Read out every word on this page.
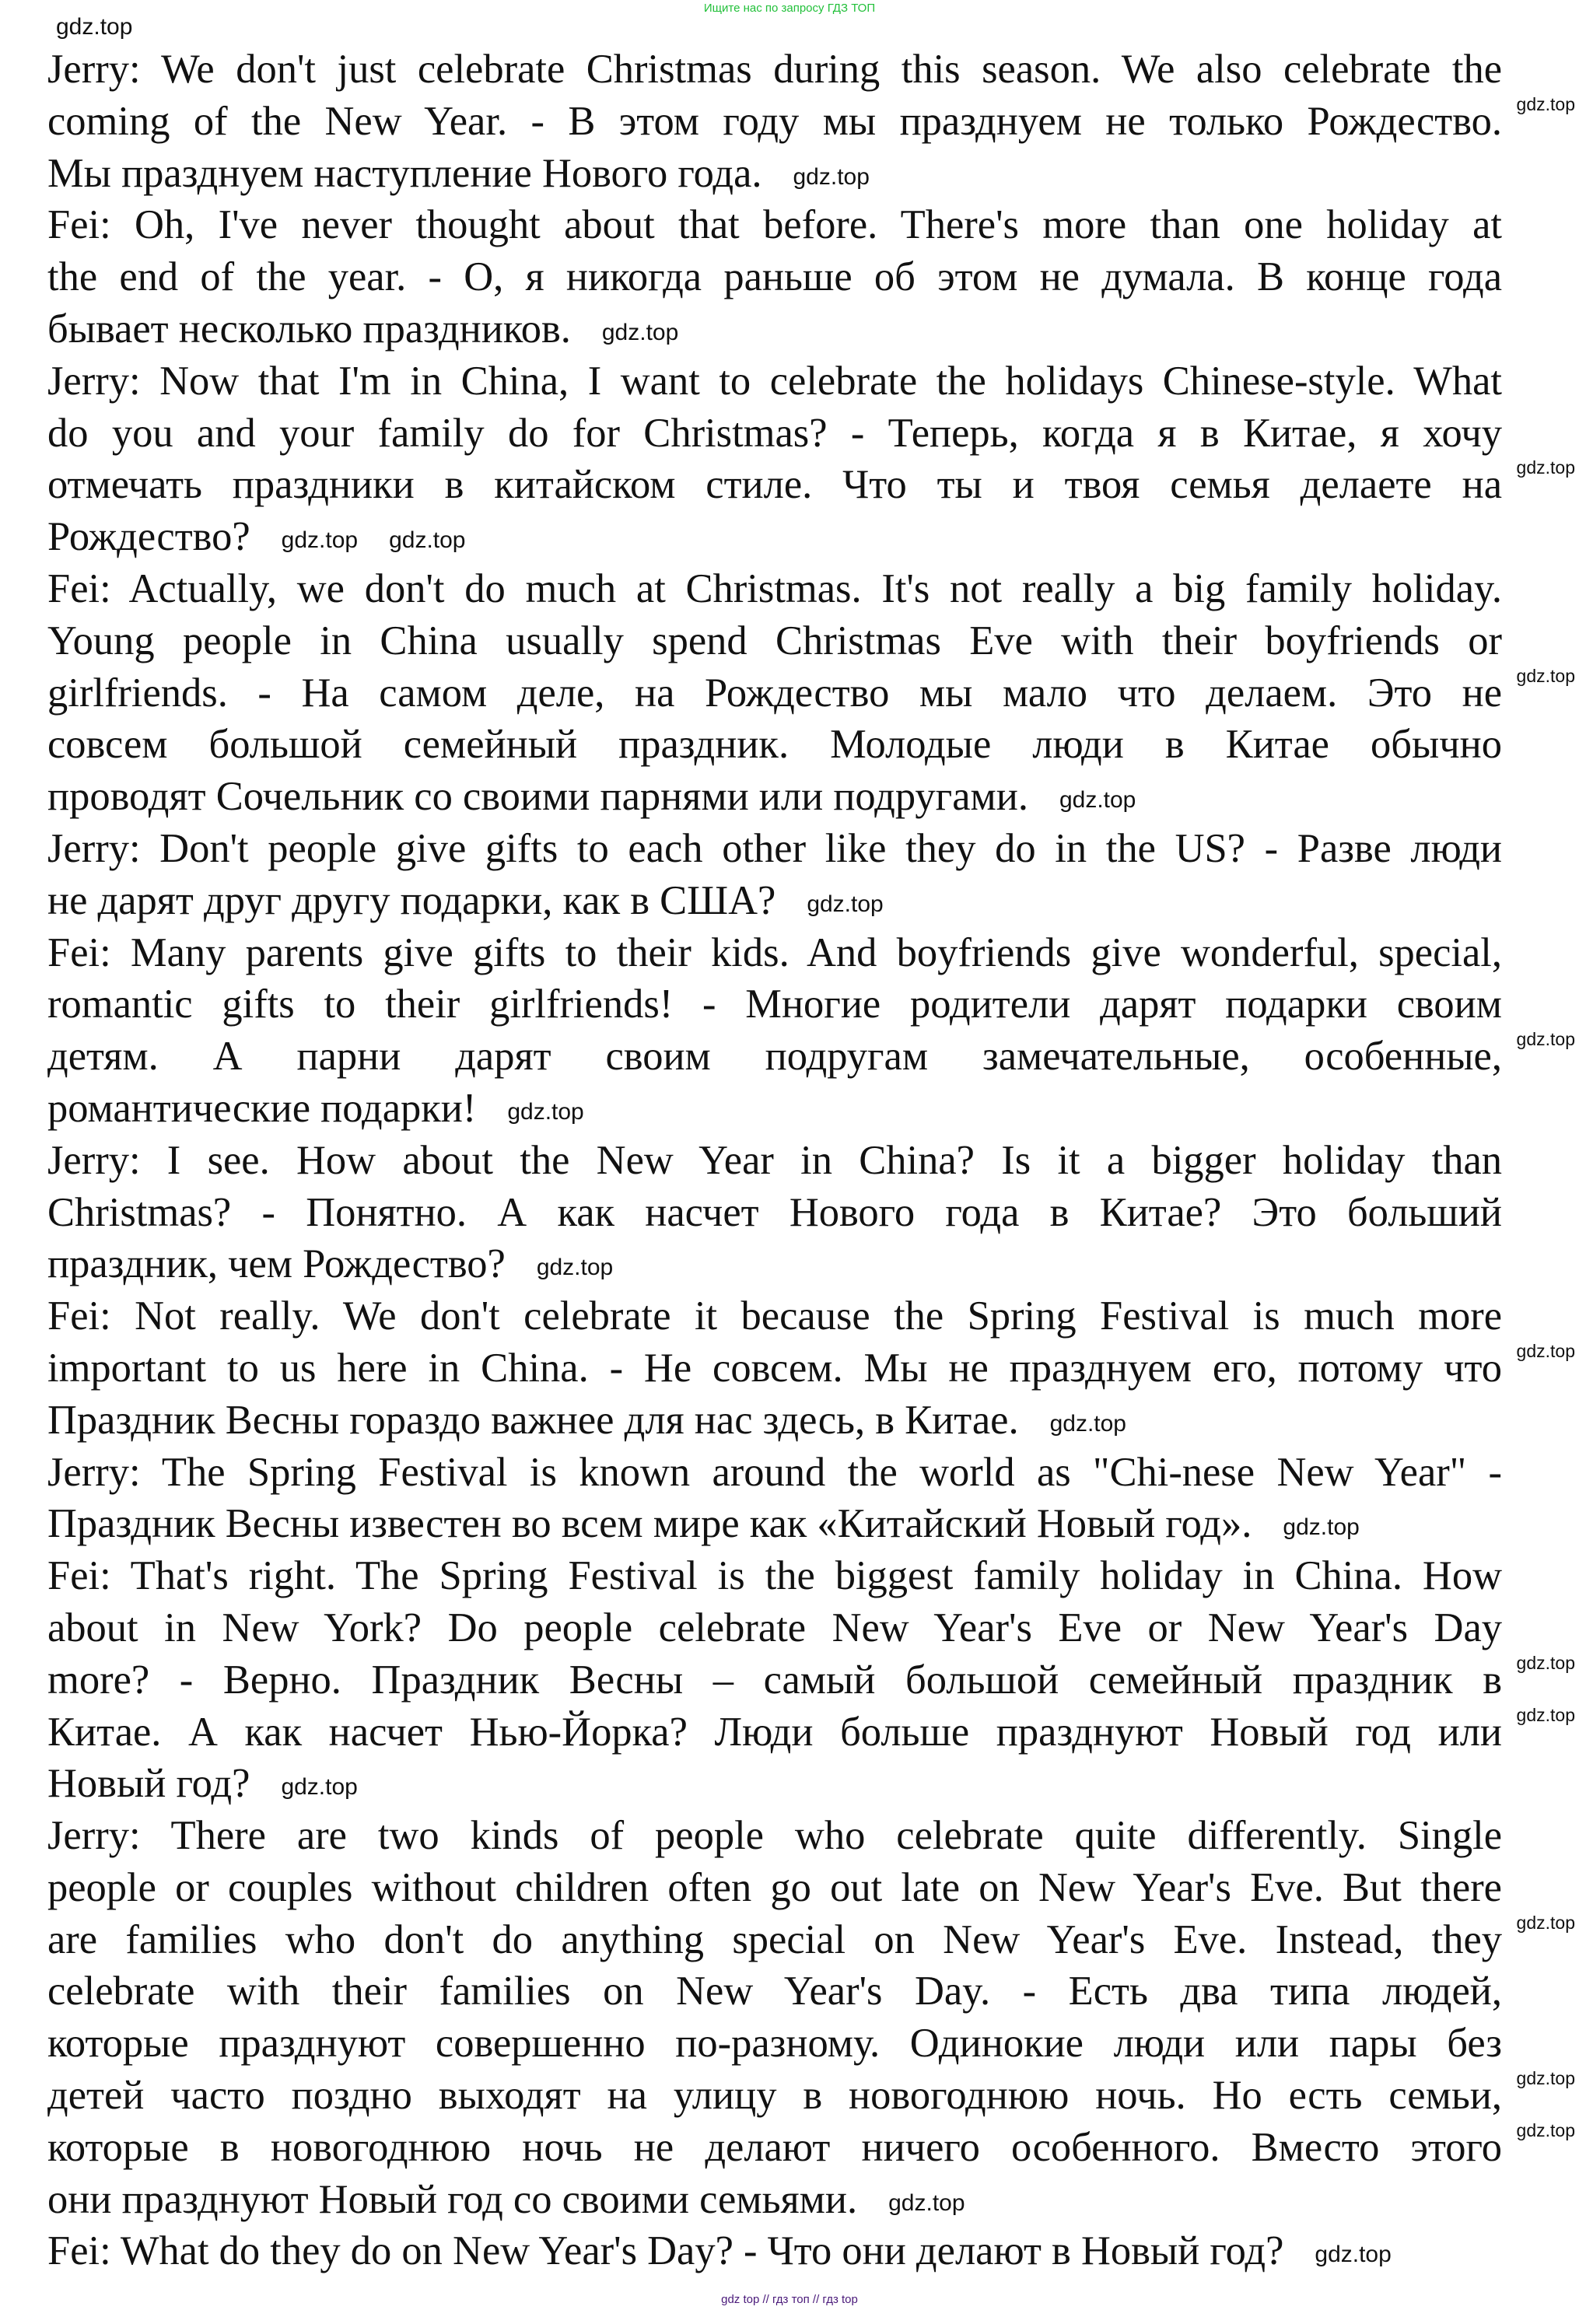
Ищите нас по запросу ГДЗ ТОП
gdz.top
Jerry: We don't just celebrate Christmas during this season. We also celebrate the
coming of the New Year. - В этом году мы празднуем не только Рождество. gdz.top
Мы празднуем наступление Нового года. gdz.top
Fei: Oh, I've never thought about that before. There's more than one holiday at
the end of the year. - О, я никогда раньше об этом не думала. В конце года
бывает несколько праздников. gdz.top
Jerry: Now that I'm in China, I want to celebrate the holidays Chinese-style. What
do you and your family do for Christmas? - Теперь, когда я в Китае, я хочу
отмечать праздники в китайском стиле. Что ты и твоя семья делаете на gdz.top
Рождество? gdz.top gdz.top
Fei: Actually, we don't do much at Christmas. It's not really a big family holiday.
Young people in China usually spend Christmas Eve with their boyfriends or
girlfriends. - На самом деле, на Рождество мы мало что делаем. Это не gdz.top
совсем большой семейный праздник. Молодые люди в Китае обычно
проводят Сочельник со своими парнями или подругами. gdz.top
Jerry: Don't people give gifts to each other like they do in the US? - Разве люди
не дарят друг другу подарки, как в США? gdz.top
Fei: Many parents give gifts to their kids. And boyfriends give wonderful, special,
romantic gifts to their girlfriends! - Многие родители дарят подарки своим
детям. А парни дарят своим подругам замечательные, особенные, gdz.top
романтические подарки! gdz.top
Jerry: I see. How about the New Year in China? Is it a bigger holiday than
Christmas? - Понятно. А как насчет Нового года в Китае? Это больший
праздник, чем Рождество? gdz.top
Fei: Not really. We don't celebrate it because the Spring Festival is much more
important to us here in China. - Не совсем. Мы не празднуем его, потому что gdz.top
Праздник Весны гораздо важнее для нас здесь, в Китае. gdz.top
Jerry: The Spring Festival is known around the world as "Chi-nese New Year" -
Праздник Весны известен во всем мире как «Китайский Новый год». gdz.top
Fei: That's right. The Spring Festival is the biggest family holiday in China. How
about in New York? Do people celebrate New Year's Eve or New Year's Day
more? - Верно. Праздник Весны – самый большой семейный праздник в gdz.top
Китае. А как насчет Нью-Йорка? Люди больше празднуют Новый год или gdz.top
Новый год? gdz.top
Jerry: There are two kinds of people who celebrate quite differently. Single
people or couples without children often go out late on New Year's Eve. But there
are families who don't do anything special on New Year's Eve. Instead, they gdz.top
celebrate with their families on New Year's Day. - Есть два типа людей,
которые празднуют совершенно по-разному. Одинокие люди или пары без
детей часто поздно выходят на улицу в новогоднюю ночь. Но есть семьи, gdz.top
которые в новогоднюю ночь не делают ничего особенного. Вместо этого gdz.top
они празднуют Новый год со своими семьями. gdz.top
Fei: What do they do on New Year's Day? - Что они делают в Новый год? gdz.top
gdz top // гдз топ // гдз top
